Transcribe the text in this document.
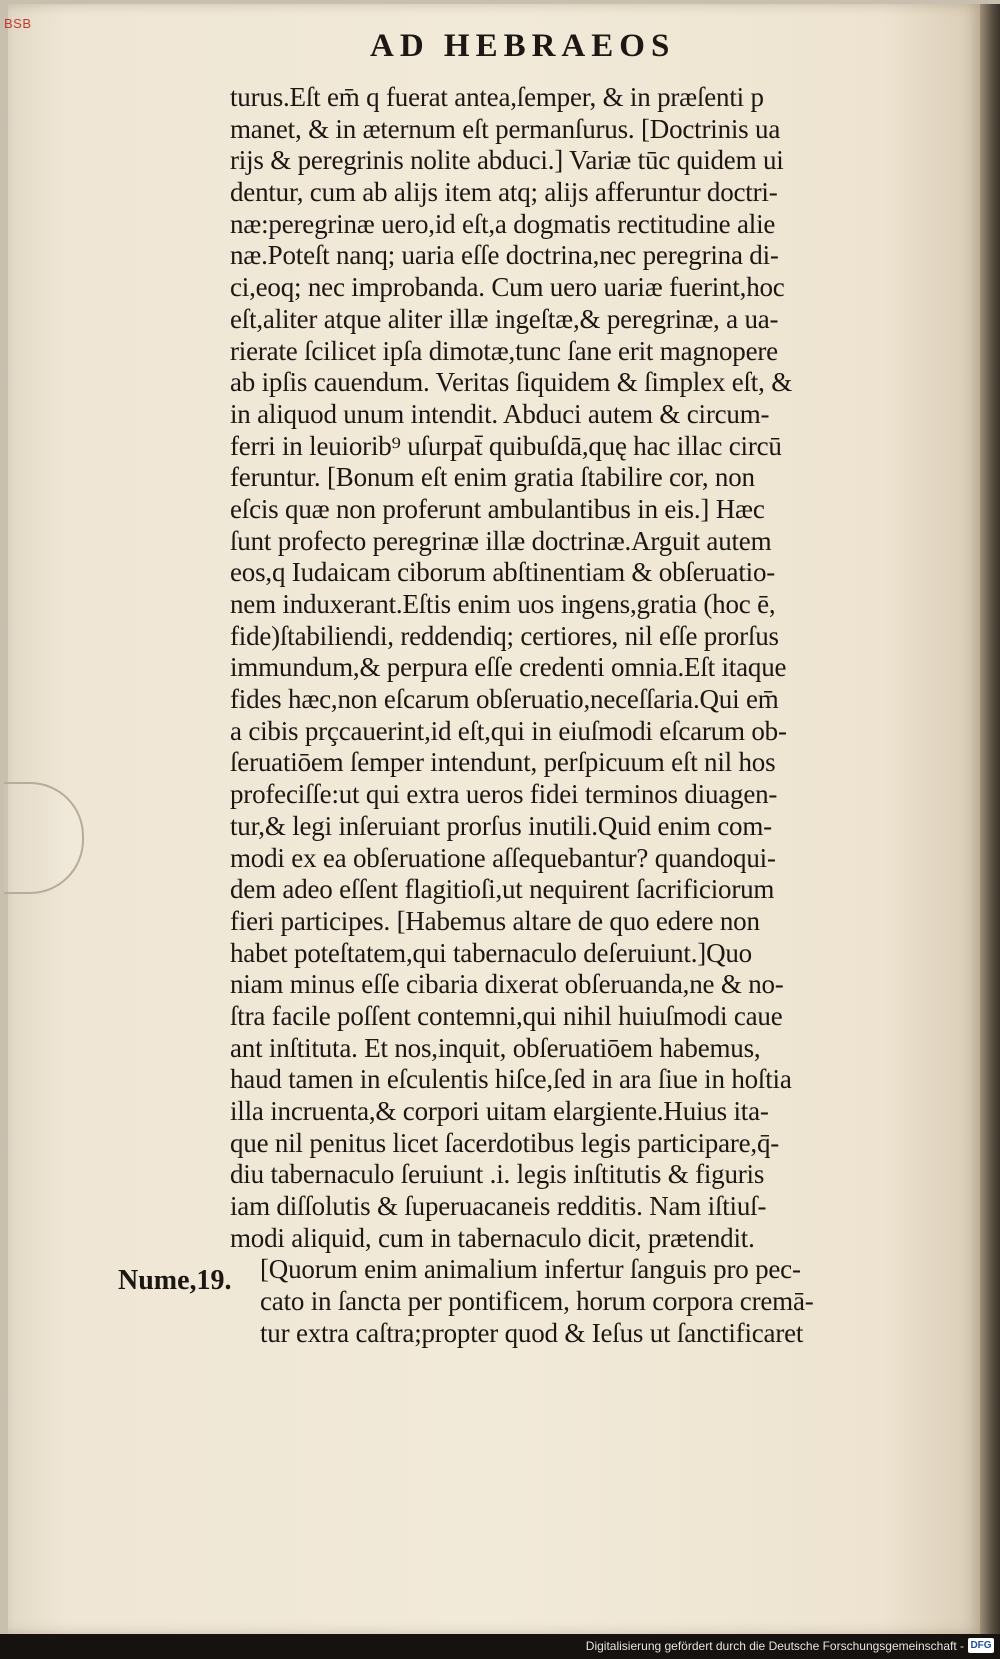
BSB
AD HEBRAEOS
turus.Eſt em̄ q fuerat antea,ſemper, & in præſenti p
manet, & in æternum eſt permanſurus. [Doctrinis ua
rijs & peregrinis nolite abduci.] Variæ tūc quidem ui
dentur, cum ab alijs item atq; alijs afferuntur doctri-
næ:peregrinæ uero,id eſt,a dogmatis rectitudine alie
næ.Poteſt nanq; uaria eſſe doctrina,nec peregrina di-
ci,eoq; nec improbanda. Cum uero uariæ fuerint,hoc
eſt,aliter atque aliter illæ ingeſtæ,& peregrinæ, a ua-
rierate ſcilicet ipſa dimotæ,tunc ſane erit magnopere
ab ipſis cauendum. Veritas ſiquidem & ſimplex eſt, &
in aliquod unum intendit. Abduci autem & circum-
ferri in leuiorib⁹ uſurpat̄ quibuſdā,quę hac illac circū
feruntur. [Bonum eſt enim gratia ſtabilire cor, non
eſcis quæ non proferunt ambulantibus in eis.] Hæc
ſunt profecto peregrinæ illæ doctrinæ.Arguit autem
eos,q Iudaicam ciborum abſtinentiam & obſeruatio-
nem induxerant.Eſtis enim uos ingens,gratia (hoc ē,
fide)ſtabiliendi, reddendiq; certiores, nil eſſe prorſus
immundum,& perpura eſſe credenti omnia.Eſt itaque
fides hæc,non eſcarum obſeruatio,neceſſaria.Qui em̄
a cibis prçcauerint,id eſt,qui in eiuſmodi eſcarum ob-
ſeruatiōem ſemper intendunt, perſpicuum eſt nil hos
profeciſſe:ut qui extra ueros fidei terminos diuagen-
tur,& legi inſeruiant prorſus inutili.Quid enim com-
modi ex ea obſeruatione aſſequebantur? quandoqui-
dem adeo eſſent flagitioſi,ut nequirent ſacrificiorum
fieri participes. [Habemus altare de quo edere non
habet poteſtatem,qui tabernaculo deſeruiunt.]Quo
niam minus eſſe cibaria dixerat obſeruanda,ne & no-
ſtra facile poſſent contemni,qui nihil huiuſmodi caue
ant inſtituta. Et nos,inquit, obſeruatiōem habemus,
haud tamen in eſculentis hiſce,ſed in ara ſiue in hoſtia
illa incruenta,& corpori uitam elargiente.Huius ita-
que nil penitus licet ſacerdotibus legis participare,q̄-
diu tabernaculo ſeruiunt .i. legis inſtitutis & figuris
iam diſſolutis & ſuperuacaneis redditis. Nam iſtiuſ-
modi aliquid, cum in tabernaculo dicit, prætendit.
[Quorum enim animalium infertur ſanguis pro pec-
cato in ſancta per pontificem, horum corpora cremā-
tur extra caſtra;propter quod & Ieſus ut ſanctificaret
Nume,19.
Digitalisierung gefördert durch die Deutsche Forschungsgemeinschaft - DFG
